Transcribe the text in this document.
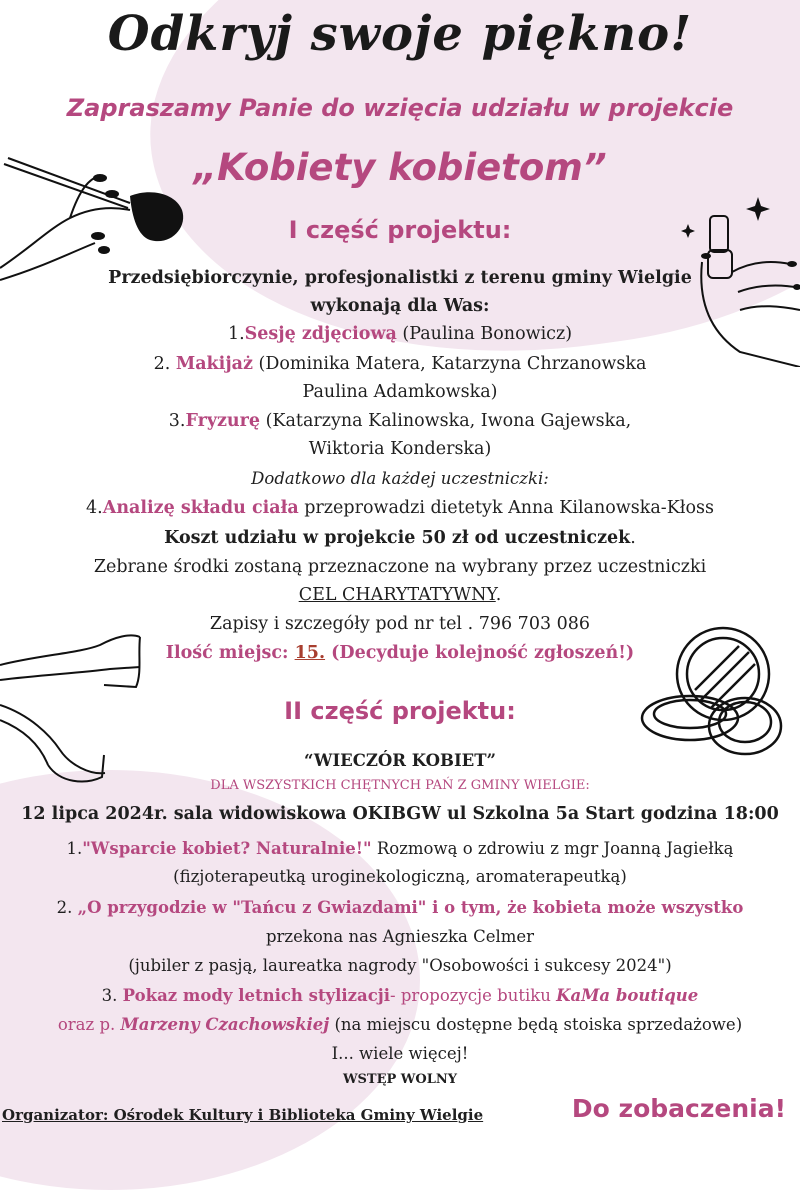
Odkryj swoje piękno!
Zapraszamy Panie do wzięcia udziału w projekcie
„Kobiety kobietom”
I część projektu:
Przedsiębiorczynie, profesjonalistki z terenu gminy Wielgie
wykonają dla Was:
1.Sesję zdjęciową (Paulina Bonowicz)
2. Makijaż (Dominika Matera, Katarzyna Chrzanowska
Paulina Adamkowska)
3.Fryzurę (Katarzyna Kalinowska, Iwona Gajewska,
Wiktoria Konderska)
Dodatkowo dla każdej uczestniczki:
4.Analizę składu ciała przeprowadzi dietetyk Anna Kilanowska-Kłoss
Koszt udziału w projekcie 50 zł od uczestniczek.
Zebrane środki zostaną przeznaczone na wybrany przez uczestniczki
CEL CHARYTATYWNY.
Zapisy i szczegóły pod nr tel . 796 703 086
Ilość miejsc: 15. (Decyduje kolejność zgłoszeń!)
II część projektu:
“WIECZÓR KOBIET”
DLA WSZYSTKICH CHĘTNYCH PAŃ Z GMINY WIELGIE:
12 lipca 2024r. sala widowiskowa OKIBGW ul Szkolna 5a Start godzina 18:00
1."Wsparcie kobiet? Naturalnie!" Rozmową o zdrowiu z mgr Joanną Jagiełką
(fizjoterapeutką uroginekologiczną, aromaterapeutką)
2. „O przygodzie w "Tańcu z Gwiazdami" i o tym, że kobieta może wszystko
przekona nas Agnieszka Celmer
(jubiler z pasją, laureatka nagrody "Osobowości i sukcesy 2024")
3. Pokaz mody letnich stylizacji- propozycje butiku KaMa boutique
oraz p. Marzeny Czachowskiej (na miejscu dostępne będą stoiska sprzedażowe)
I... wiele więcej!
WSTĘP WOLNY
Organizator: Ośrodek Kultury i Biblioteka Gminy Wielgie	Do zobaczenia!
